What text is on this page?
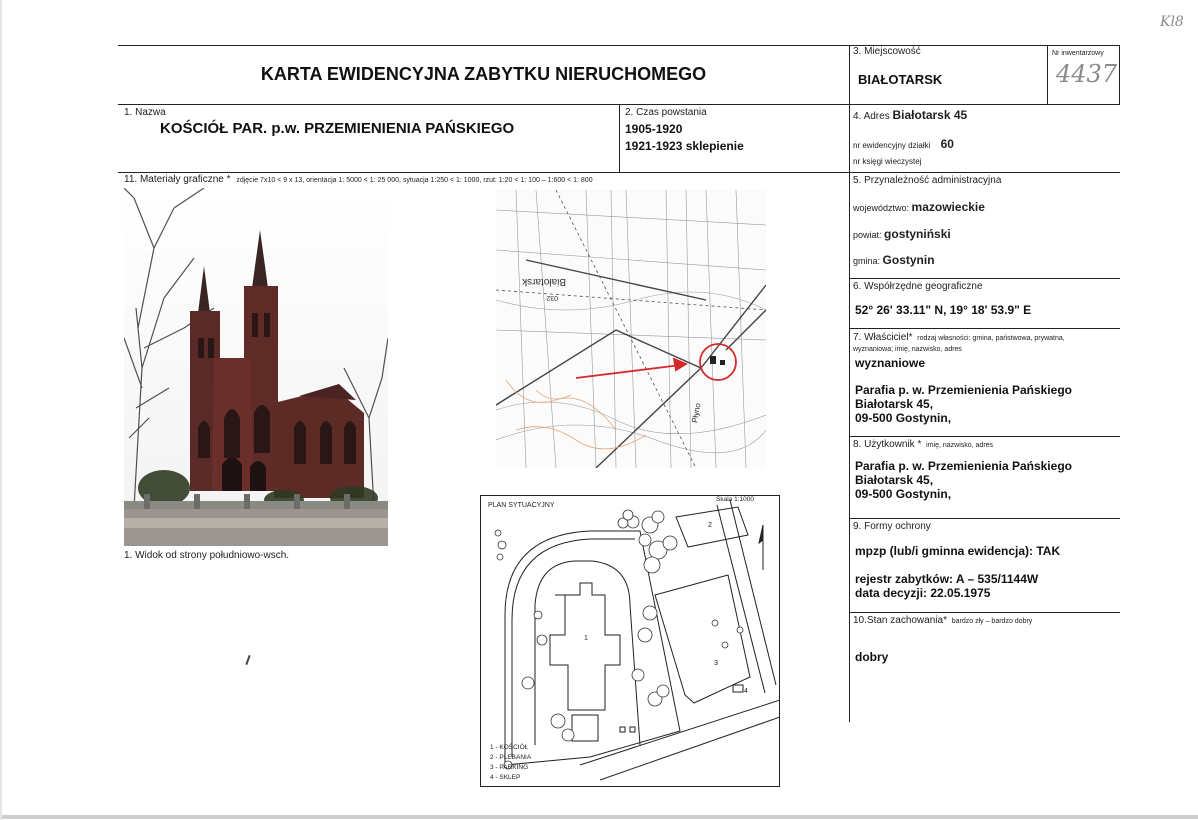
Kl8
KARTA EWIDENCYJNA ZABYTKU NIERUCHOMEGO
3. Miejscowość
BIAŁOTARSK
Nr inwentarzowy
4437
1. Nazwa
KOŚCIÓŁ PAR. p.w. PRZEMIENIENIA PAŃSKIEGO
2. Czas powstania
1905-1920
1921-1923 sklepienie
4. Adres Białotarsk 45
nr ewidencyjny działki 60
nr księgi wieczystej
11. Materiały graficzne * zdjęcie 7x10 < 9 x 13, orientacja 1: 5000 < 1: 25 000, sytuacja 1:250 < 1: 1000, rzut: 1:20 < 1: 100 – 1:600 < 1: 800
1. Widok od strony południowo-wsch.
Białotarsk
032
Płyno
PLAN SYTUACYJNY
Skala 1:1000
1
2
3
4
1 - KOŚCIÓŁ
2 - PLEBANIA
3 - PARKING
4 - SKLEP
5. Przynależność administracyjna
województwo: mazowieckie
powiat: gostyniński
gmina: Gostynin
6. Współrzędne geograficzne
52° 26' 33.11" N, 19° 18' 53.9" E
7. Właściciel* rodzaj własności: gmina, państwowa, prywatna,
wyznaniowa; imię, nazwisko, adres
wyznaniowe
Parafia p. w. Przemienienia Pańskiego
Białotarsk 45,
09-500 Gostynin,
8. Użytkownik * imię, nazwisko, adres
Parafia p. w. Przemienienia Pańskiego
Białotarsk 45,
09-500 Gostynin,
9. Formy ochrony
mpzp (lub/i gminna ewidencja): TAK
rejestr zabytków: A – 535/1144W
data decyzji: 22.05.1975
10.Stan zachowania* bardzo zły – bardzo dobry
dobry
